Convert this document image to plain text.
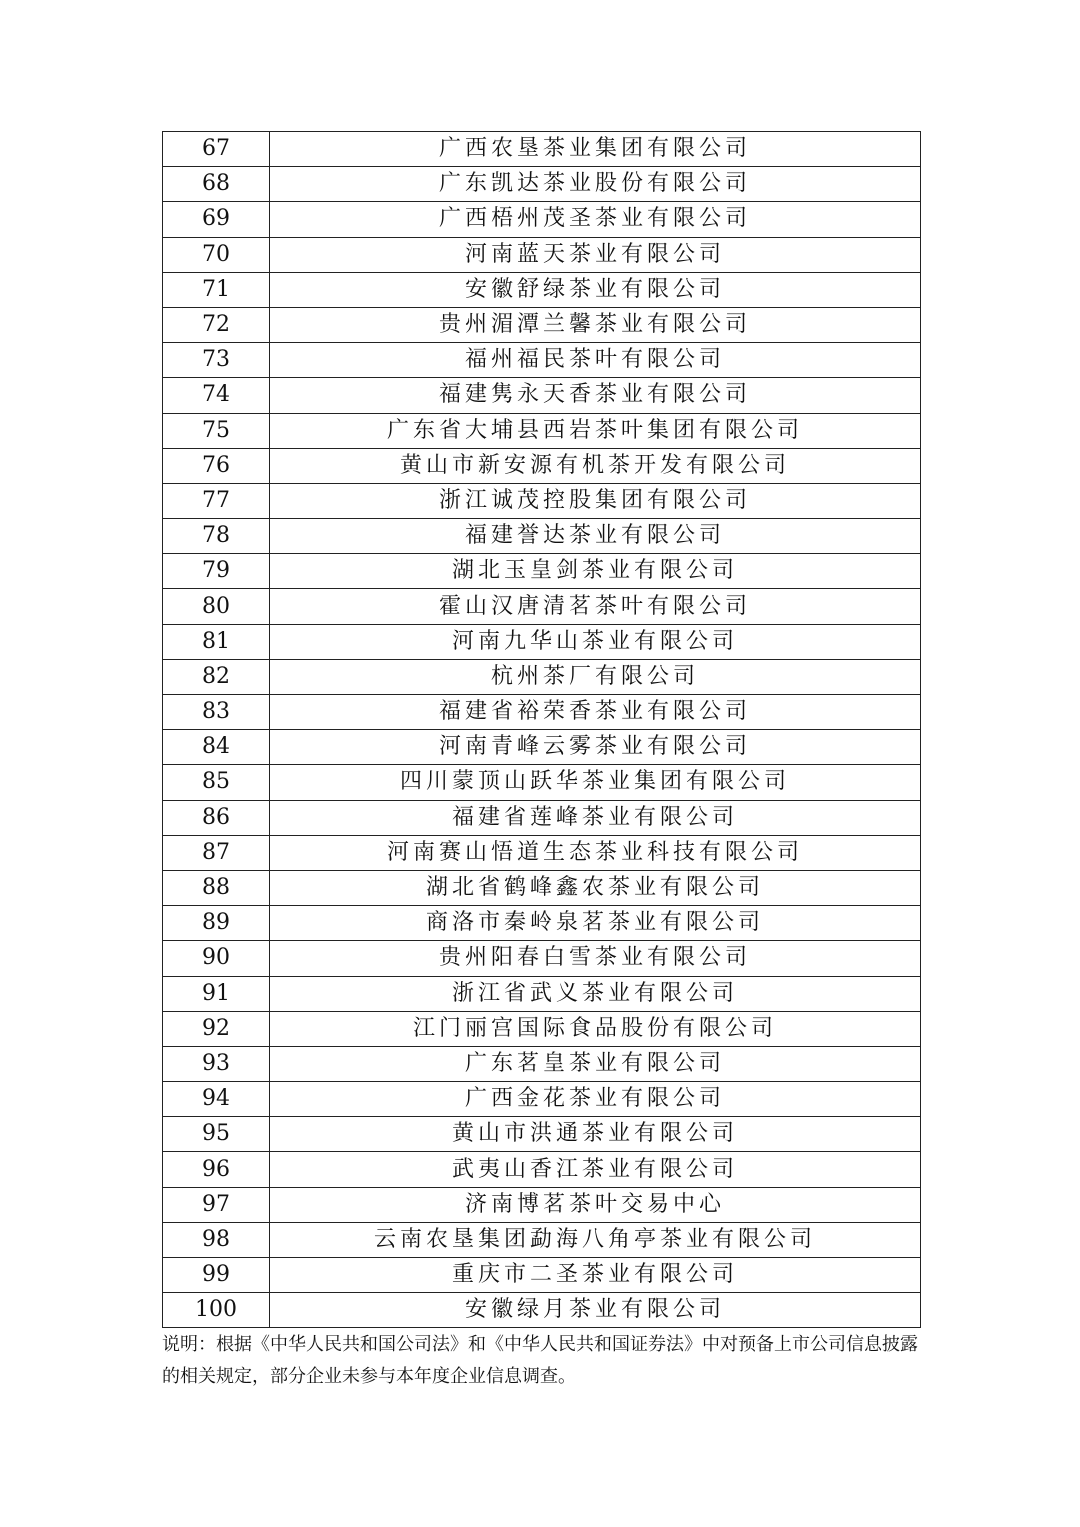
67	广西农垦茶业集团有限公司
68	广东凯达茶业股份有限公司
69	广西梧州茂圣茶业有限公司
70	河南蓝天茶业有限公司
71	安徽舒绿茶业有限公司
72	贵州湄潭兰馨茶业有限公司
73	福州福民茶叶有限公司
74	福建隽永天香茶业有限公司
75	广东省大埔县西岩茶叶集团有限公司
76	黄山市新安源有机茶开发有限公司
77	浙江诚茂控股集团有限公司
78	福建誉达茶业有限公司
79	湖北玉皇剑茶业有限公司
80	霍山汉唐清茗茶叶有限公司
81	河南九华山茶业有限公司
82	杭州茶厂有限公司
83	福建省裕荣香茶业有限公司
84	河南青峰云雾茶业有限公司
85	四川蒙顶山跃华茶业集团有限公司
86	福建省莲峰茶业有限公司
87	河南赛山悟道生态茶业科技有限公司
88	湖北省鹤峰鑫农茶业有限公司
89	商洛市秦岭泉茗茶业有限公司
90	贵州阳春白雪茶业有限公司
91	浙江省武义茶业有限公司
92	江门丽宫国际食品股份有限公司
93	广东茗皇茶业有限公司
94	广西金花茶业有限公司
95	黄山市洪通茶业有限公司
96	武夷山香江茶业有限公司
97	济南博茗茶叶交易中心
98	云南农垦集团勐海八角亭茶业有限公司
99	重庆市二圣茶业有限公司
100	安徽绿月茶业有限公司
说明：根据《中华人民共和国公司法》和《中华人民共和国证券法》中对预备上市公司信息披露的相关规定，部分企业未参与本年度企业信息调查。
